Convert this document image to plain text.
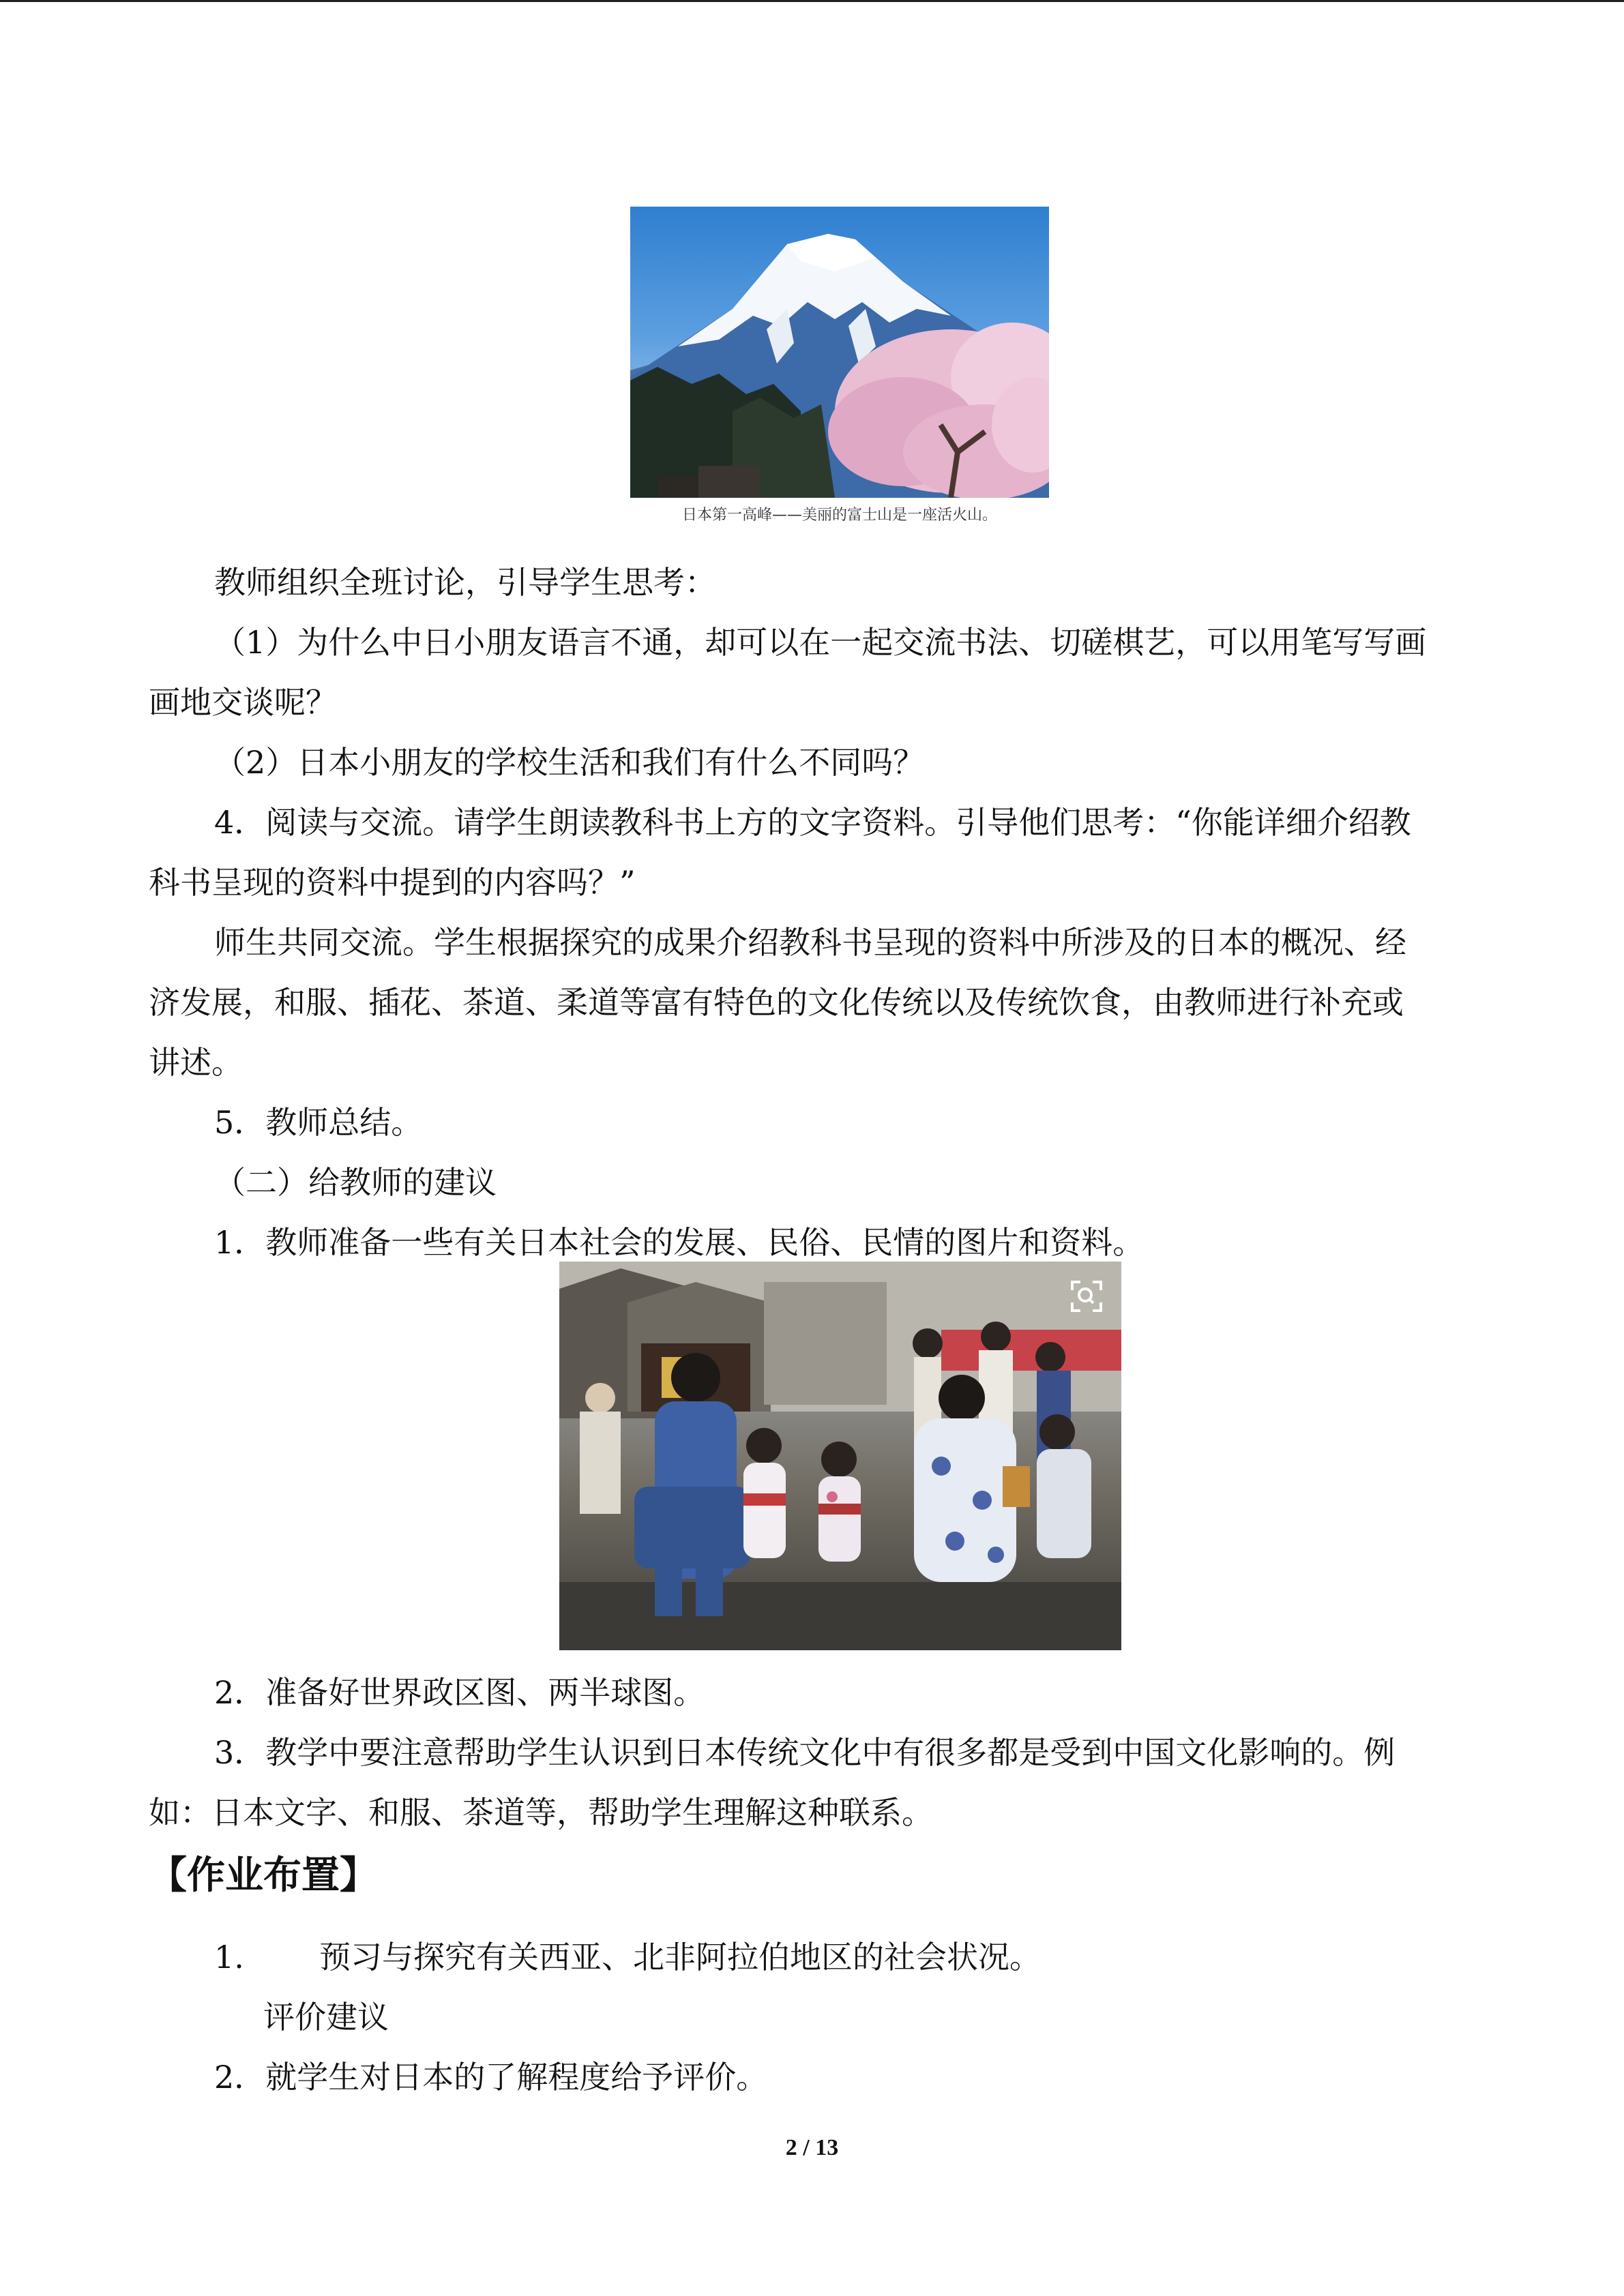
日本第一高峰——美丽的富士山是一座活火山。
教师组织全班讨论，引导学生思考：
（1）为什么中日小朋友语言不通，却可以在一起交流书法、切磋棋艺，可以用笔写写画
画地交谈呢？
（2）日本小朋友的学校生活和我们有什么不同吗？
4．阅读与交流。请学生朗读教科书上方的文字资料。引导他们思考：“你能详细介绍教
科书呈现的资料中提到的内容吗？”
师生共同交流。学生根据探究的成果介绍教科书呈现的资料中所涉及的日本的概况、经
济发展，和服、插花、茶道、柔道等富有特色的文化传统以及传统饮食，由教师进行补充或
讲述。
5．教师总结。
（二）给教师的建议
1．教师准备一些有关日本社会的发展、民俗、民情的图片和资料。
2．准备好世界政区图、两半球图。
3．教学中要注意帮助学生认识到日本传统文化中有很多都是受到中国文化影响的。例
如：日本文字、和服、茶道等，帮助学生理解这种联系。
【作业布置】
1. 预习与探究有关西亚、北非阿拉伯地区的社会状况。
评价建议
2．就学生对日本的了解程度给予评价。
2 / 13
